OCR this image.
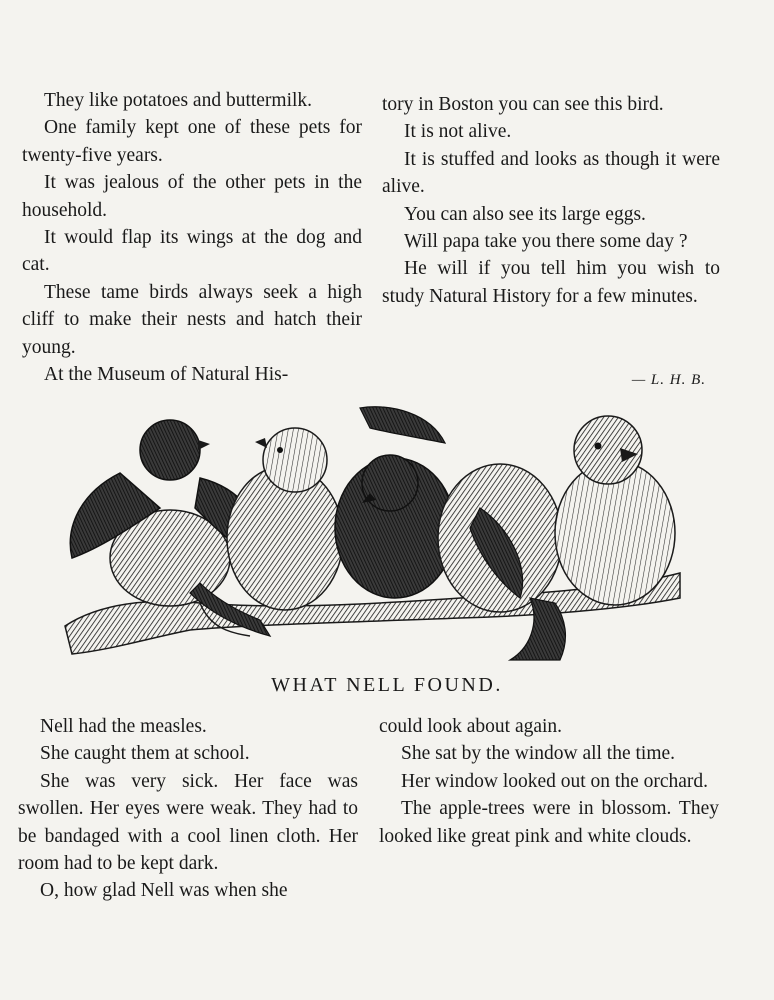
They like potatoes and buttermilk.

One family kept one of these pets for twenty-five years.

It was jealous of the other pets in the household.

It would flap its wings at the dog and cat.

These tame birds always seek a high cliff to make their nests and hatch their young.

At the Museum of Natural His-

tory in Boston you can see this bird.

It is not alive.

It is stuffed and looks as though it were alive.

You can also see its large eggs.

Will papa take you there some day ?

He will if you tell him you wish to study Natural History for a few minutes.

— L. H. B.
WHAT NELL FOUND.

Nell had the measles.

She caught them at school.

She was very sick. Her face was swollen. Her eyes were weak. They had to be bandaged with a cool linen cloth. Her room had to be kept dark.

O, how glad Nell was when she

could look about again.

She sat by the window all the time.

Her window looked out on the orchard.

The apple-trees were in blossom. They looked like great pink and white clouds.
